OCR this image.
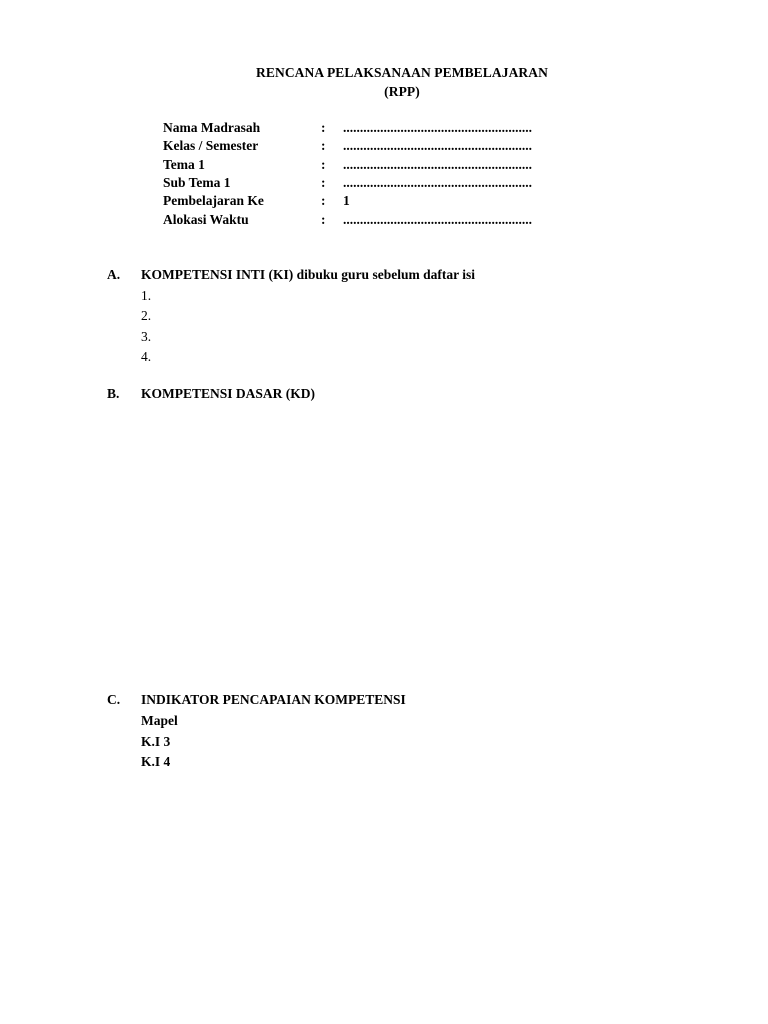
RENCANA PELAKSANAAN PEMBELAJARAN
(RPP)
Nama Madrasah	: ........................................................
Kelas / Semester	: ........................................................
Tema 1	: ........................................................
Sub Tema 1	: ........................................................
Pembelajaran Ke	: 1
Alokasi Waktu	: ........................................................
A. KOMPETENSI INTI (KI) dibuku guru sebelum daftar isi
1.
2.
3.
4.
B. KOMPETENSI DASAR (KD)
C. INDIKATOR PENCAPAIAN KOMPETENSI
Mapel
K.I 3
K.I 4
